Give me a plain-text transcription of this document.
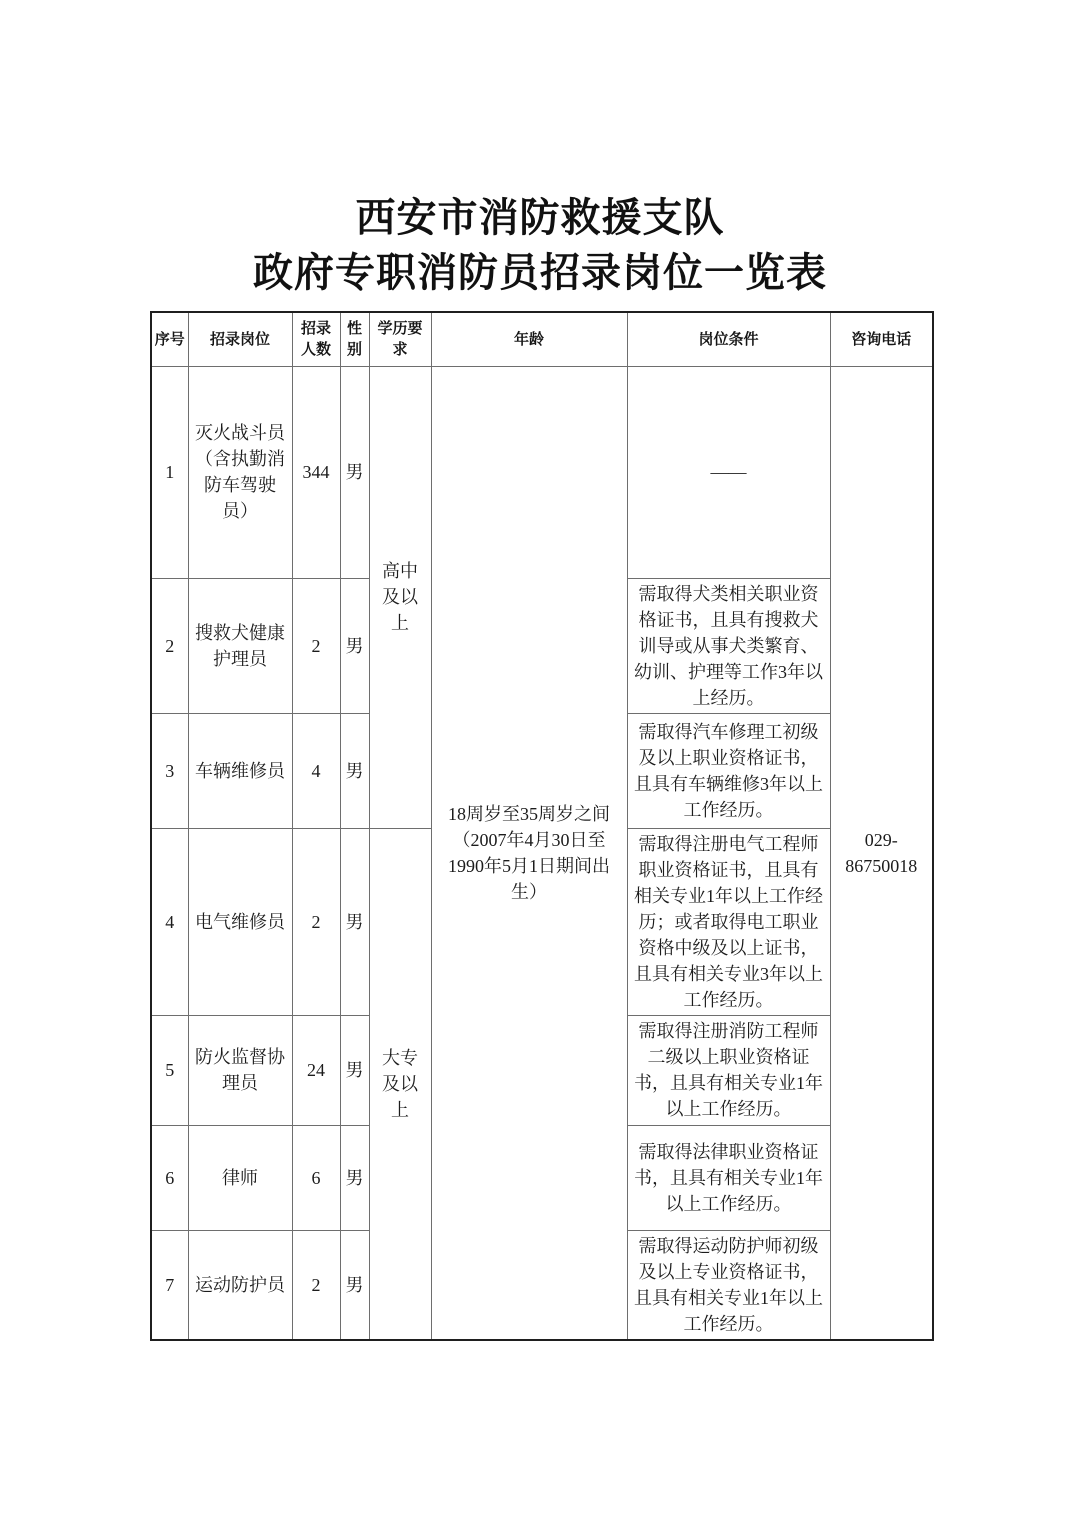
西安市消防救援支队
政府专职消防员招录岗位一览表
序号	招录岗位	招录人数	性别	学历要求	年龄	岗位条件	咨询电话
1	灭火战斗员（含执勤消防车驾驶员）	344	男	高中及以上	18周岁至35周岁之间（2007年4月30日至1990年5月1日期间出生）	——	029-86750018
2	搜救犬健康护理员	2	男			需取得犬类相关职业资格证书，且具有搜救犬训导或从事犬类繁育、幼训、护理等工作3年以上经历。	
3	车辆维修员	4	男			需取得汽车修理工初级及以上职业资格证书，且具有车辆维修3年以上工作经历。	
4	电气维修员	2	男	大专及以上		需取得注册电气工程师职业资格证书，且具有相关专业1年以上工作经历；或者取得电工职业资格中级及以上证书，且具有相关专业3年以上工作经历。	
5	防火监督协理员	24	男			需取得注册消防工程师二级以上职业资格证书，且具有相关专业1年以上工作经历。	
6	律师	6	男			需取得法律职业资格证书，且具有相关专业1年以上工作经历。	
7	运动防护员	2	男			需取得运动防护师初级及以上专业资格证书，且具有相关专业1年以上工作经历。	
